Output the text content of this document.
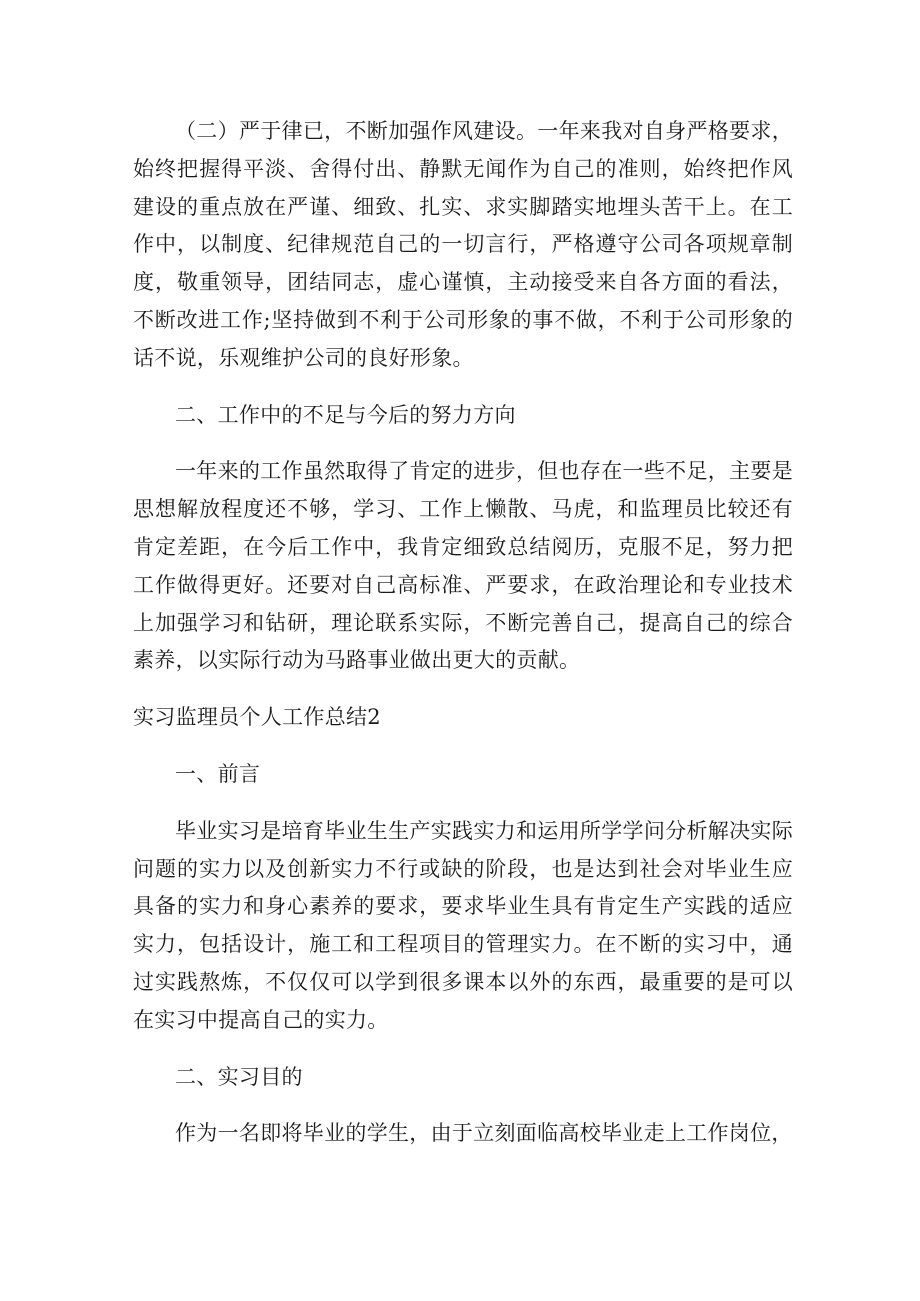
（二）严于律已，不断加强作风建设。一年来我对自身严格要求，始终把握得平淡、舍得付出、静默无闻作为自己的准则，始终把作风建设的重点放在严谨、细致、扎实、求实脚踏实地埋头苦干上。在工作中，以制度、纪律规范自己的一切言行，严格遵守公司各项规章制度，敬重领导，团结同志，虚心谨慎，主动接受来自各方面的看法，不断改进工作;坚持做到不利于公司形象的事不做，不利于公司形象的话不说，乐观维护公司的良好形象。

二、工作中的不足与今后的努力方向

一年来的工作虽然取得了肯定的进步，但也存在一些不足，主要是思想解放程度还不够，学习、工作上懒散、马虎，和监理员比较还有肯定差距，在今后工作中，我肯定细致总结阅历，克服不足，努力把工作做得更好。还要对自己高标准、严要求，在政治理论和专业技术上加强学习和钻研，理论联系实际，不断完善自己，提高自己的综合素养，以实际行动为马路事业做出更大的贡献。

实习监理员个人工作总结2

一、前言

毕业实习是培育毕业生生产实践实力和运用所学学问分析解决实际问题的实力以及创新实力不行或缺的阶段，也是达到社会对毕业生应具备的实力和身心素养的要求，要求毕业生具有肯定生产实践的适应实力，包括设计，施工和工程项目的管理实力。在不断的实习中，通过实践熬炼，不仅仅可以学到很多课本以外的东西，最重要的是可以在实习中提高自己的实力。

二、实习目的

作为一名即将毕业的学生，由于立刻面临高校毕业走上工作岗位，
